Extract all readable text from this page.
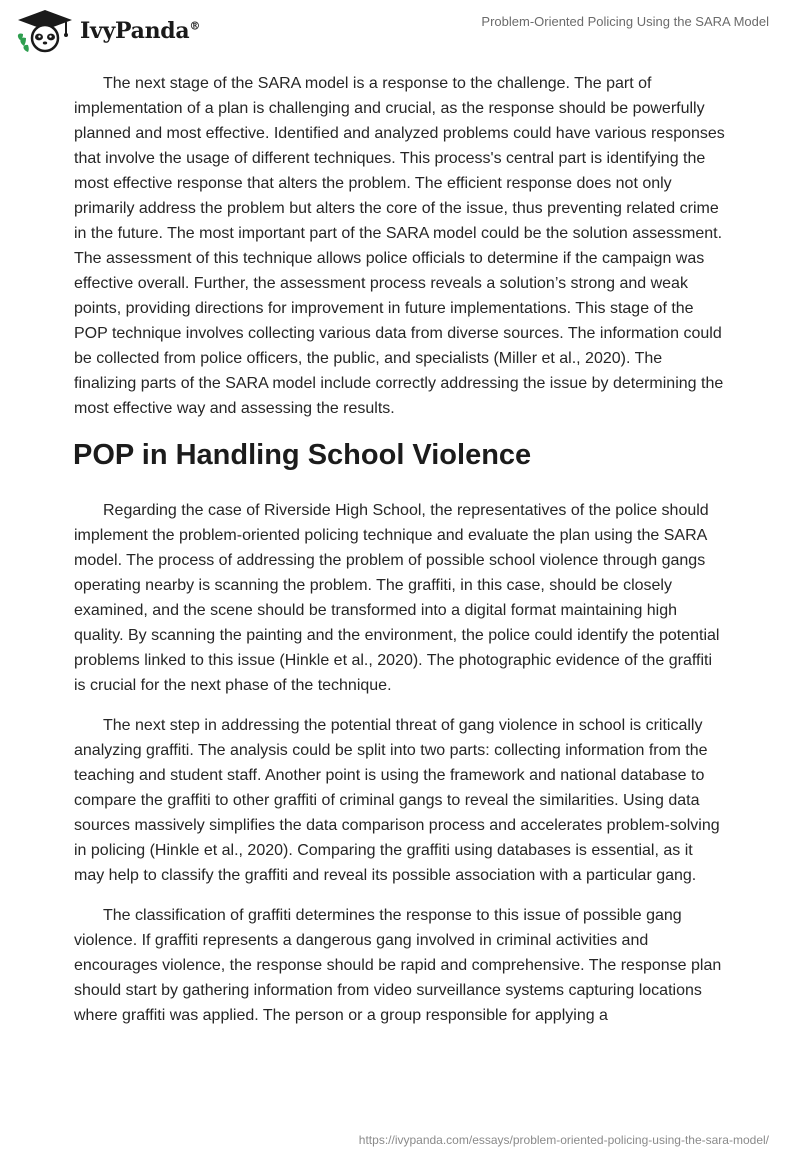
IvyPanda®	Problem-Oriented Policing Using the SARA Model

The next stage of the SARA model is a response to the challenge. The part of implementation of a plan is challenging and crucial, as the response should be powerfully planned and most effective. Identified and analyzed problems could have various responses that involve the usage of different techniques. This process's central part is identifying the most effective response that alters the problem. The efficient response does not only primarily address the problem but alters the core of the issue, thus preventing related crime in the future. The most important part of the SARA model could be the solution assessment. The assessment of this technique allows police officials to determine if the campaign was effective overall. Further, the assessment process reveals a solution’s strong and weak points, providing directions for improvement in future implementations. This stage of the POP technique involves collecting various data from diverse sources. The information could be collected from police officers, the public, and specialists (Miller et al., 2020). The finalizing parts of the SARA model include correctly addressing the issue by determining the most effective way and assessing the results.

POP in Handling School Violence

Regarding the case of Riverside High School, the representatives of the police should implement the problem-oriented policing technique and evaluate the plan using the SARA model. The process of addressing the problem of possible school violence through gangs operating nearby is scanning the problem. The graffiti, in this case, should be closely examined, and the scene should be transformed into a digital format maintaining high quality. By scanning the painting and the environment, the police could identify the potential problems linked to this issue (Hinkle et al., 2020). The photographic evidence of the graffiti is crucial for the next phase of the technique.

The next step in addressing the potential threat of gang violence in school is critically analyzing graffiti. The analysis could be split into two parts: collecting information from the teaching and student staff. Another point is using the framework and national database to compare the graffiti to other graffiti of criminal gangs to reveal the similarities. Using data sources massively simplifies the data comparison process and accelerates problem-solving in policing (Hinkle et al., 2020). Comparing the graffiti using databases is essential, as it may help to classify the graffiti and reveal its possible association with a particular gang.

The classification of graffiti determines the response to this issue of possible gang violence. If graffiti represents a dangerous gang involved in criminal activities and encourages violence, the response should be rapid and comprehensive. The response plan should start by gathering information from video surveillance systems capturing locations where graffiti was applied. The person or a group responsible for applying a

https://ivypanda.com/essays/problem-oriented-policing-using-the-sara-model/
